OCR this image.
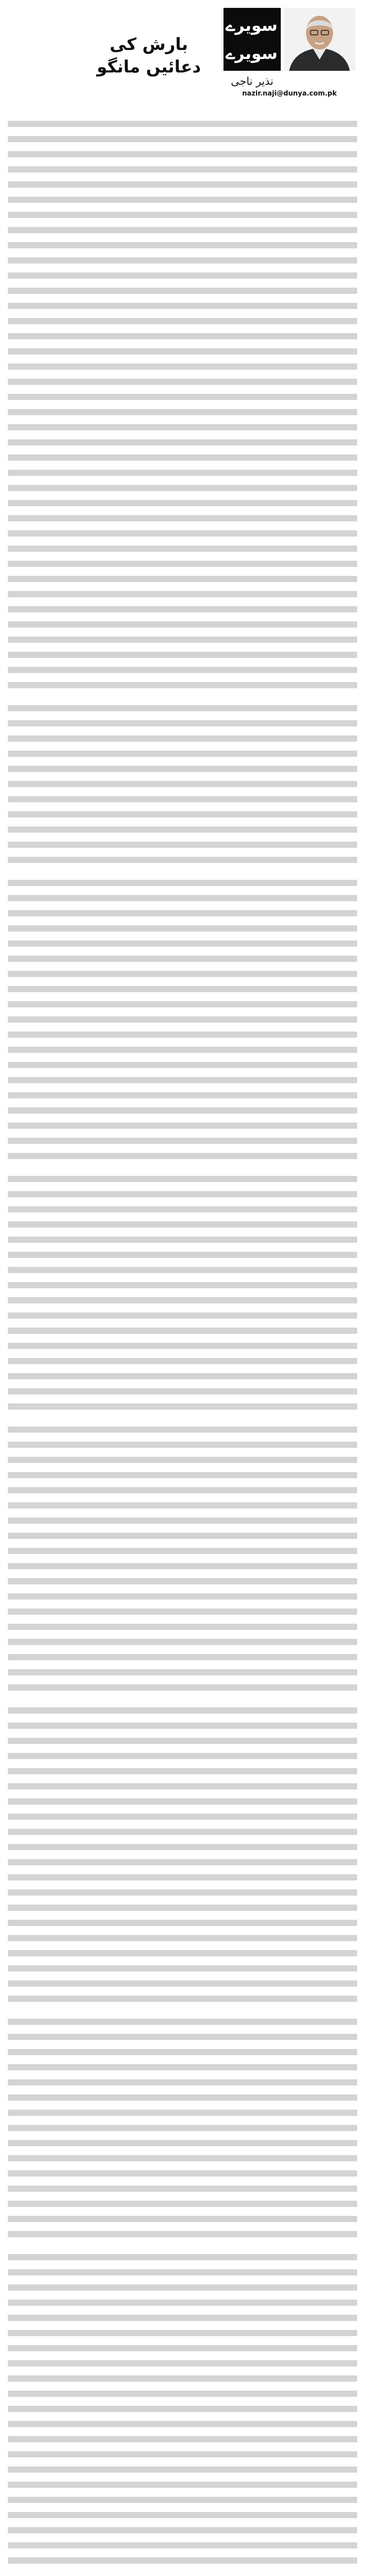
سویرے سویرے
نذیر ناجی
nazir.naji@dunya.com.pk
بارش کی دعائیں مانگو
